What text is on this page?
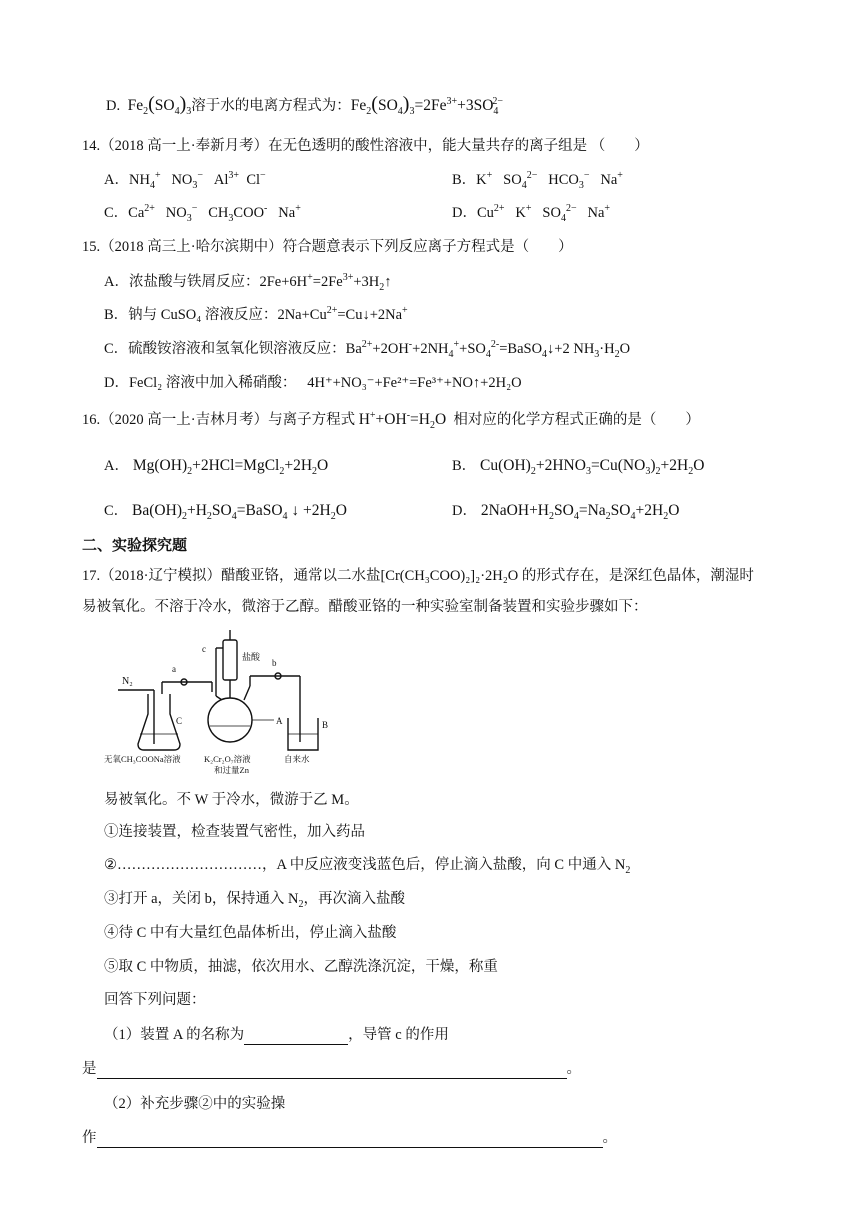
D.  $Fe_2(SO_4)_3$溶于水的电离方程式为：$Fe_2(SO_4)_3=2Fe^{3+}+3SO_4^{2-}$
14.（2018 高一上·奉新月考）在无色透明的酸性溶液中，能大量共存的离子组是 （　　）
A．$NH_4^+$   $NO_3^-$   $Al^{3+}$  Cl−	B．K+   $SO_4^{2-}$   $HCO_3^-$   Na+
C．$Ca^{2+}$   $NO_3^-$   $CH_3COO^-$   Na+	D．$Cu^{2+}$   K+   $SO_4^{2-}$   Na+
15.（2018 高三上·哈尔滨期中）符合题意表示下列反应离子方程式是（　　）
A．浓盐酸与铁屑反应：$2Fe+6H^+=2Fe^{3+}+3H_2↑$
B．钠与 CuSO₄ 溶液反应：$2Na+Cu^{2+}=Cu↓+2Na^+$
C．硫酸铵溶液和氢氧化钡溶液反应：$Ba^{2+}+2OH^-+2NH_4^++SO_4^{2-}=BaSO_4↓+2$ $NH_3\cdot H_2O$
D．FeCl₂ 溶液中加入稀硝酸： 4H⁺+NO₃⁻+Fe²⁺=Fe³⁺+NO↑+2H₂O
16.（2020 高一上·吉林月考）与离子方程式 $H^++OH^-=H_2O$ 相对应的化学方程式正确的是（　　）
A． $Mg(OH)_2+2HCl=MgCl_2+2H_2O$	B． $Cu(OH)_2+2HNO_3=Cu(NO_3)_2+2H_2O$
C． $Ba(OH)_2+H_2SO_4=BaSO_4$ ↓ $+2H_2O$	D． $2NaOH+H_2SO_4=Na_2SO_4+2H_2O$
二、实验探究题
17.（2018·辽宁模拟）醋酸亚铬，通常以二水盐[Cr(CH₃COO)₂]₂·2H₂O 的形式存在，是深红色晶体，潮湿时
易被氧化。不溶于冷水，微溶于乙醇。醋酸亚铬的一种实验室制备装置和实验步骤如下：
N₂
C
a
盐酸
c
A
b
B
无氧CH₃COONa溶液	K₂Cr₂O₇溶液
和过量Zn
自来水
易被氧化。不 W 于冷水，微游于乙 M。
①连接装置，检查装置气密性，加入药品
②…………………………，A 中反应液变浅蓝色后，停止滴入盐酸，向 C 中通入 $N_2$
③打开 a，关闭 b，保持通入 $N_2$，再次滴入盐酸
④待 C 中有大量红色晶体析出，停止滴入盐酸
⑤取 C 中物质，抽滤，依次用水、乙醇洗涤沉淀，干燥，称重
回答下列问题：
（1）装置 A 的名称为	，导管 c 的作用
是	。
（2）补充步骤②中的实验操
作	。
